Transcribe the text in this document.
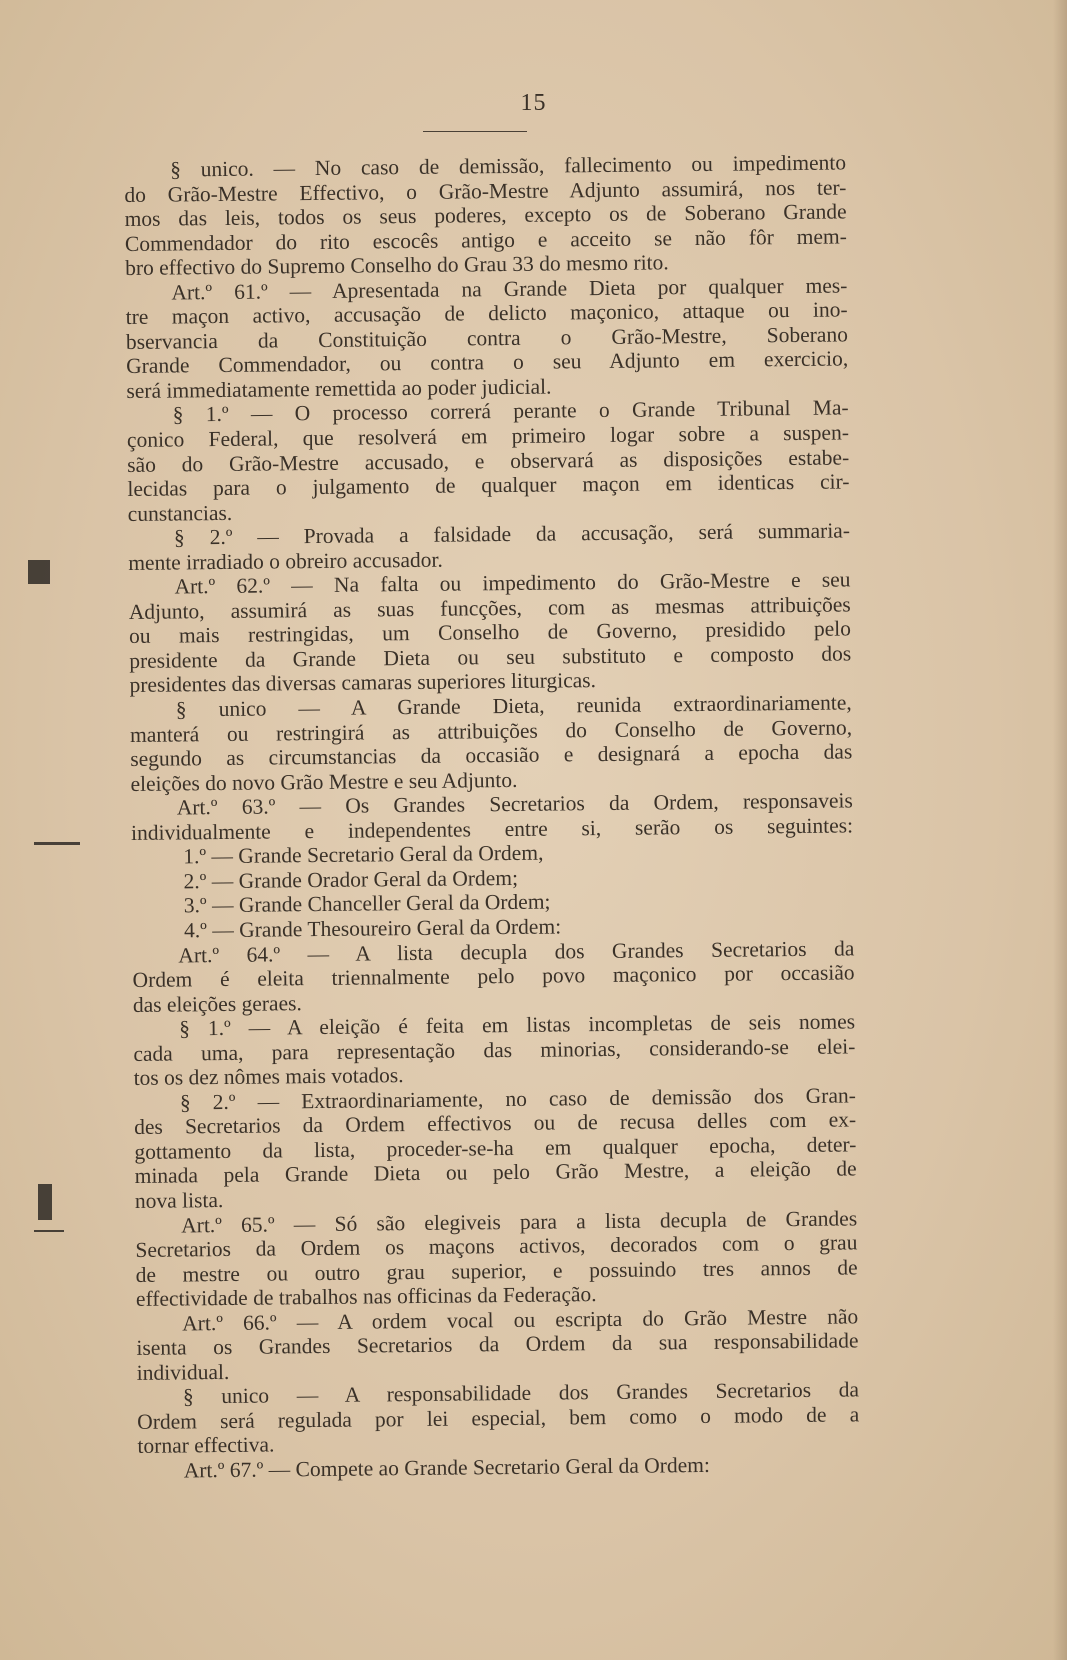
15
§ unico. — No caso de demissão, fallecimento ou impedimento
do Grão-Mestre Effectivo, o Grão-Mestre Adjunto assumirá, nos ter-
mos das leis, todos os seus poderes, excepto os de Soberano Grande
Commendador do rito escocês antigo e acceito se não fôr mem-
bro effectivo do Supremo Conselho do Grau 33 do mesmo rito.
Art.º 61.º — Apresentada na Grande Dieta por qualquer mes-
tre maçon activo, accusação de delicto maçonico, attaque ou ino-
bservancia da Constituição contra o Grão-Mestre, Soberano
Grande Commendador, ou contra o seu Adjunto em exercicio,
será immediatamente remettida ao poder judicial.
§ 1.º — O processo correrá perante o Grande Tribunal Ma-
çonico Federal, que resolverá em primeiro logar sobre a suspen-
são do Grão-Mestre accusado, e observará as disposições estabe-
lecidas para o julgamento de qualquer maçon em identicas cir-
cunstancias.
§ 2.º — Provada a falsidade da accusação, será summaria-
mente irradiado o obreiro accusador.
Art.º 62.º — Na falta ou impedimento do Grão-Mestre e seu
Adjunto, assumirá as suas funcções, com as mesmas attribuições
ou mais restringidas, um Conselho de Governo, presidido pelo
presidente da Grande Dieta ou seu substituto e composto dos
presidentes das diversas camaras superiores liturgicas.
§ unico — A Grande Dieta, reunida extraordinariamente,
manterá ou restringirá as attribuições do Conselho de Governo,
segundo as circumstancias da occasião e designará a epocha das
eleições do novo Grão Mestre e seu Adjunto.
Art.º 63.º — Os Grandes Secretarios da Ordem, responsaveis
individualmente e independentes entre si, serão os seguintes:
1.º — Grande Secretario Geral da Ordem,
2.º — Grande Orador Geral da Ordem;
3.º — Grande Chanceller Geral da Ordem;
4.º — Grande Thesoureiro Geral da Ordem:
Art.º 64.º — A lista decupla dos Grandes Secretarios da
Ordem é eleita triennalmente pelo povo maçonico por occasião
das eleições geraes.
§ 1.º — A eleição é feita em listas incompletas de seis nomes
cada uma, para representação das minorias, considerando-se elei-
tos os dez nômes mais votados.
§ 2.º — Extraordinariamente, no caso de demissão dos Gran-
des Secretarios da Ordem effectivos ou de recusa delles com ex-
gottamento da lista, proceder-se-ha em qualquer epocha, deter-
minada pela Grande Dieta ou pelo Grão Mestre, a eleição de
nova lista.
Art.º 65.º — Só são elegiveis para a lista decupla de Grandes
Secretarios da Ordem os maçons activos, decorados com o grau
de mestre ou outro grau superior, e possuindo tres annos de
effectividade de trabalhos nas officinas da Federação.
Art.º 66.º — A ordem vocal ou escripta do Grão Mestre não
isenta os Grandes Secretarios da Ordem da sua responsabilidade
individual.
§ unico — A responsabilidade dos Grandes Secretarios da
Ordem será regulada por lei especial, bem como o modo de a
tornar effectiva.
Art.º 67.º — Compete ao Grande Secretario Geral da Ordem:
